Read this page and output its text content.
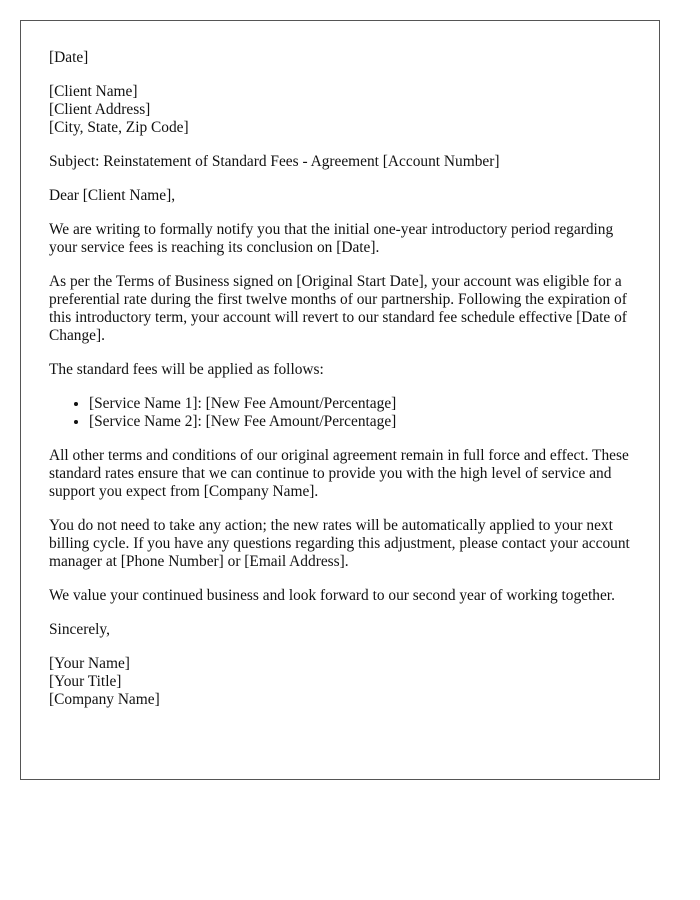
[Date]

[Client Name]
[Client Address]
[City, State, Zip Code]

Subject: Reinstatement of Standard Fees - Agreement [Account Number]

Dear [Client Name],

We are writing to formally notify you that the initial one-year introductory period regarding your service fees is reaching its conclusion on [Date].

As per the Terms of Business signed on [Original Start Date], your account was eligible for a preferential rate during the first twelve months of our partnership. Following the expiration of this introductory term, your account will revert to our standard fee schedule effective [Date of Change].

The standard fees will be applied as follows:

• [Service Name 1]: [New Fee Amount/Percentage]
• [Service Name 2]: [New Fee Amount/Percentage]

All other terms and conditions of our original agreement remain in full force and effect. These standard rates ensure that we can continue to provide you with the high level of service and support you expect from [Company Name].

You do not need to take any action; the new rates will be automatically applied to your next billing cycle. If you have any questions regarding this adjustment, please contact your account manager at [Phone Number] or [Email Address].

We value your continued business and look forward to our second year of working together.

Sincerely,

[Your Name]
[Your Title]
[Company Name]
